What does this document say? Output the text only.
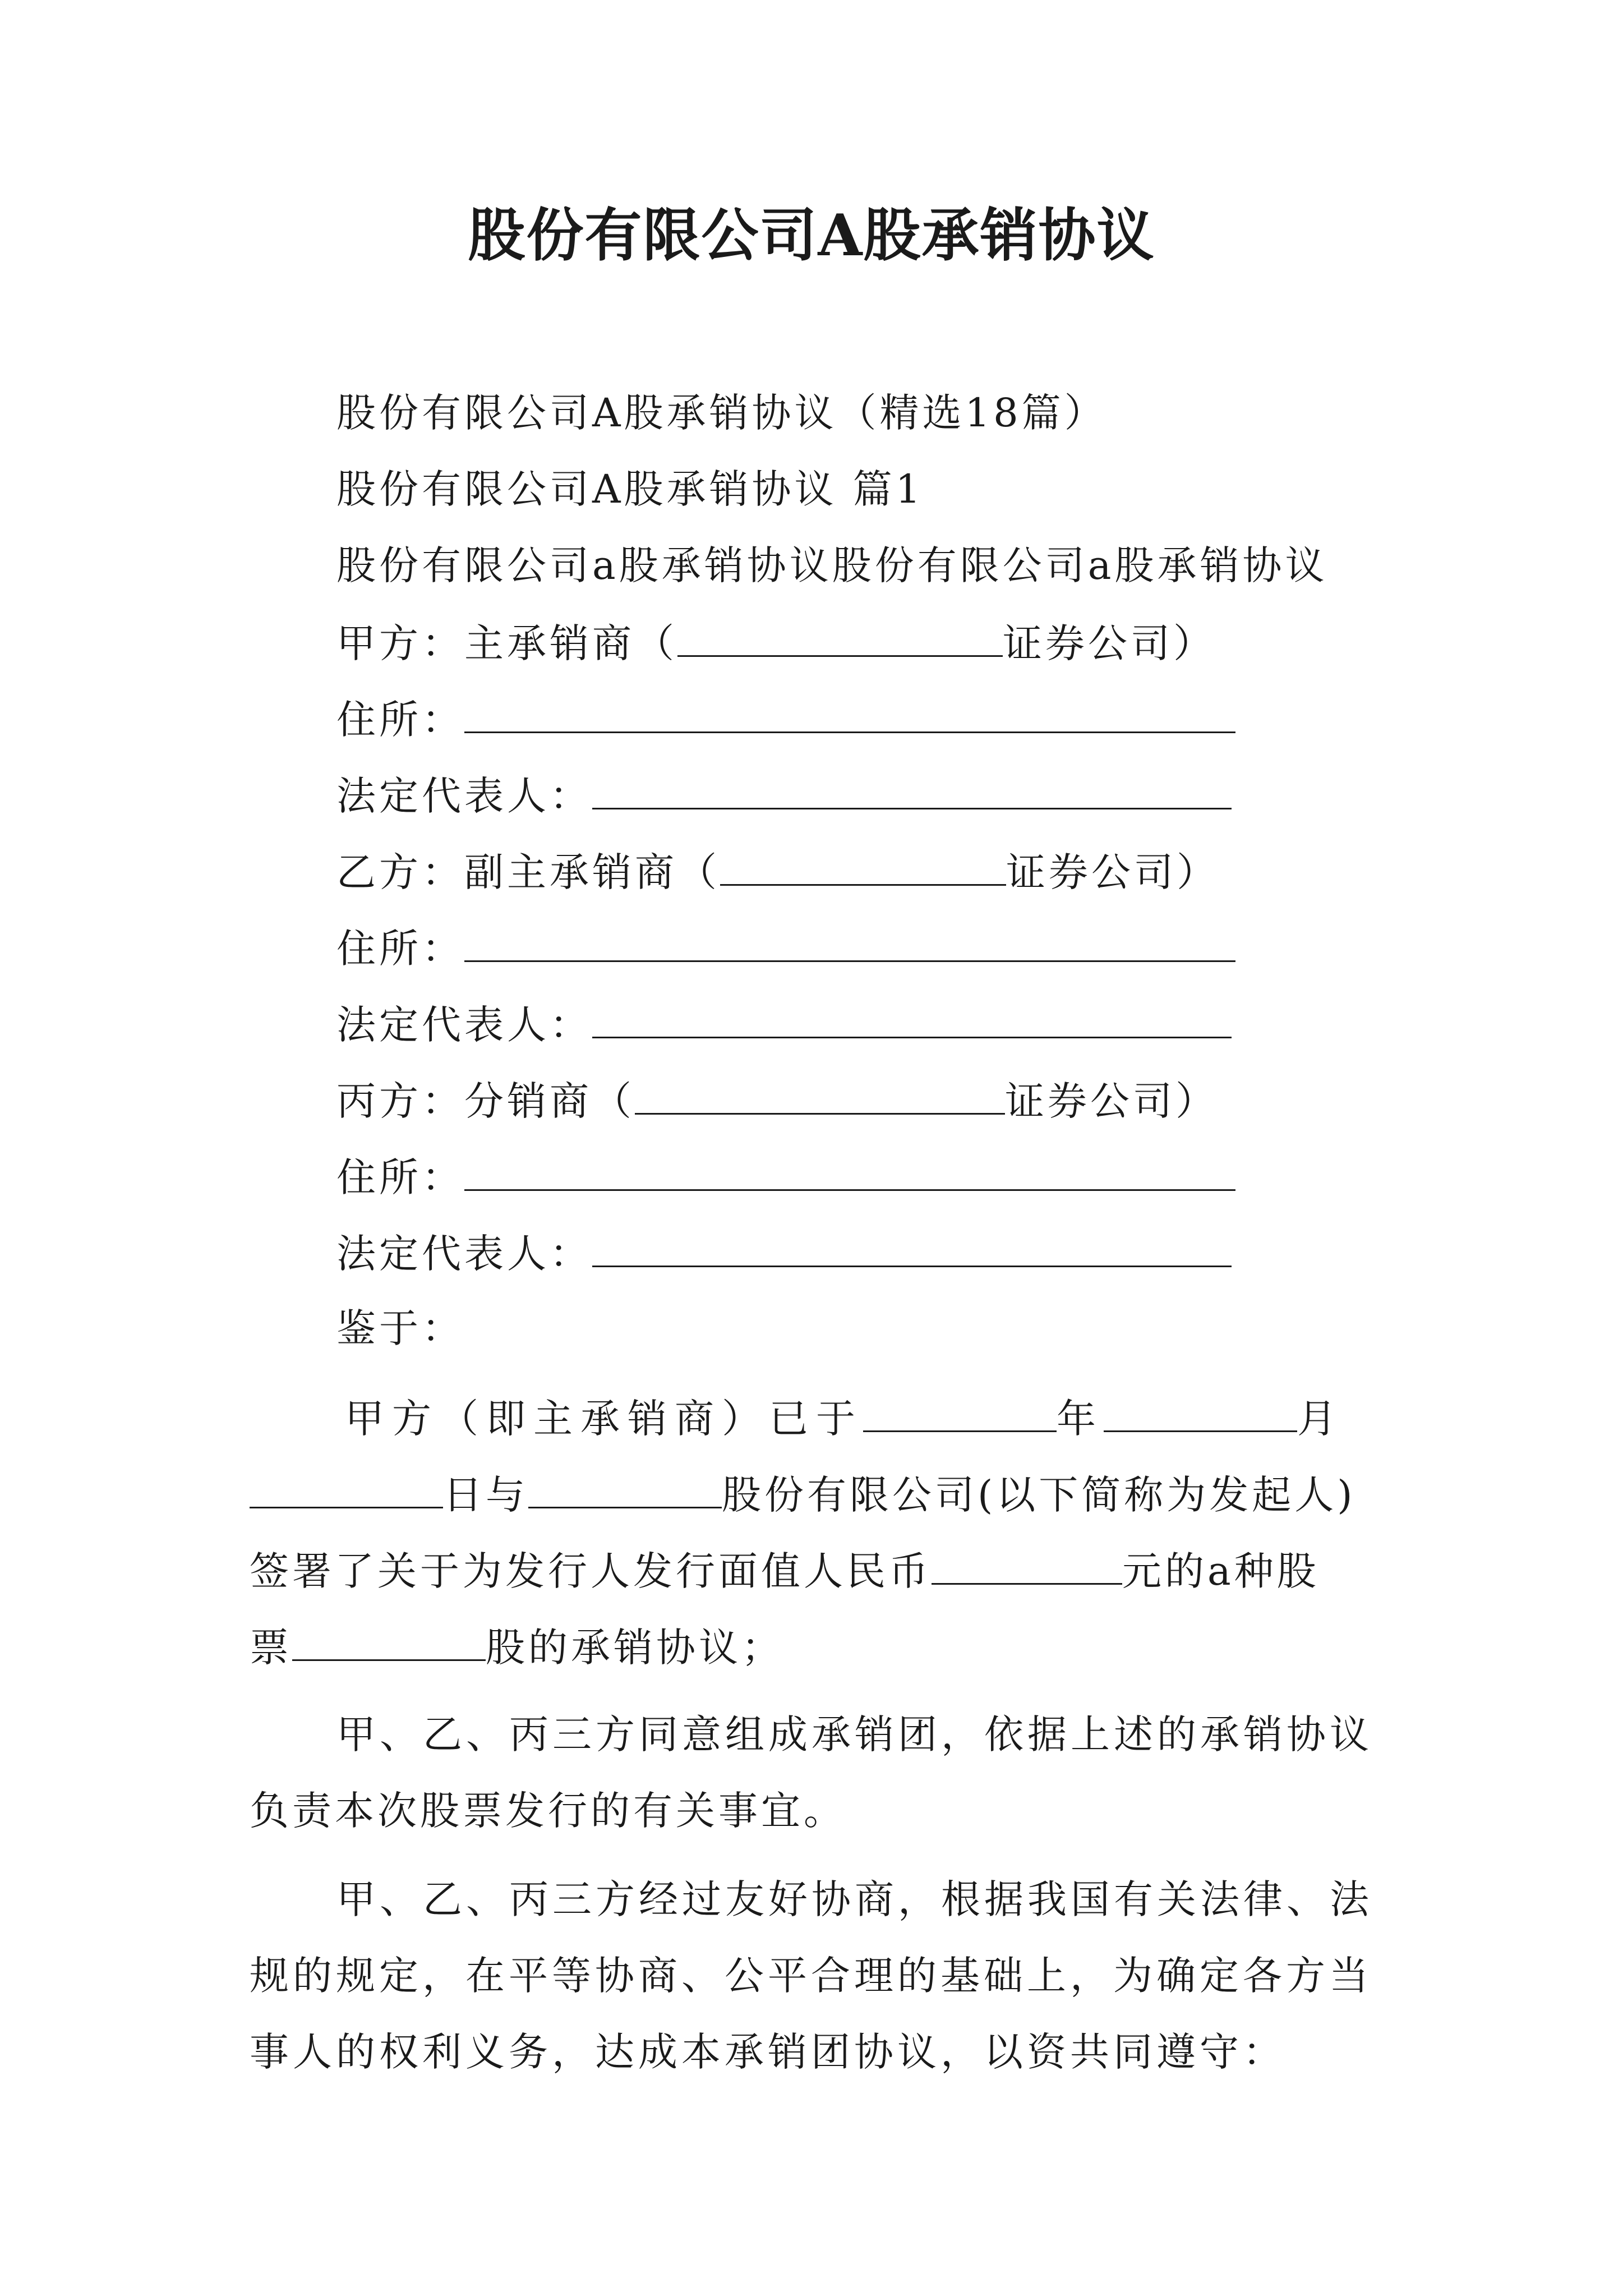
股份有限公司A股承销协议
股份有限公司A股承销协议（精选18篇）
股份有限公司A股承销协议 篇1
股份有限公司a股承销协议股份有限公司a股承销协议
甲方：主承销商（	证券公司）
住所：
法定代表人：
乙方：副主承销商（	证券公司）
住所：
法定代表人：
丙方：分销商（	证券公司）
住所：
法定代表人：
鉴于：
甲方（即主承销商）已于	年	月
日与	股份有限公司(以下简称为发起人)
签署了关于为发行人发行面值人民币	元的a种股
票	股的承销协议；
甲、乙、丙三方同意组成承销团，依据上述的承销协议
负责本次股票发行的有关事宜。
甲、乙、丙三方经过友好协商，根据我国有关法律、法
规的规定，在平等协商、公平合理的基础上，为确定各方当
事人的权利义务，达成本承销团协议，以资共同遵守：
